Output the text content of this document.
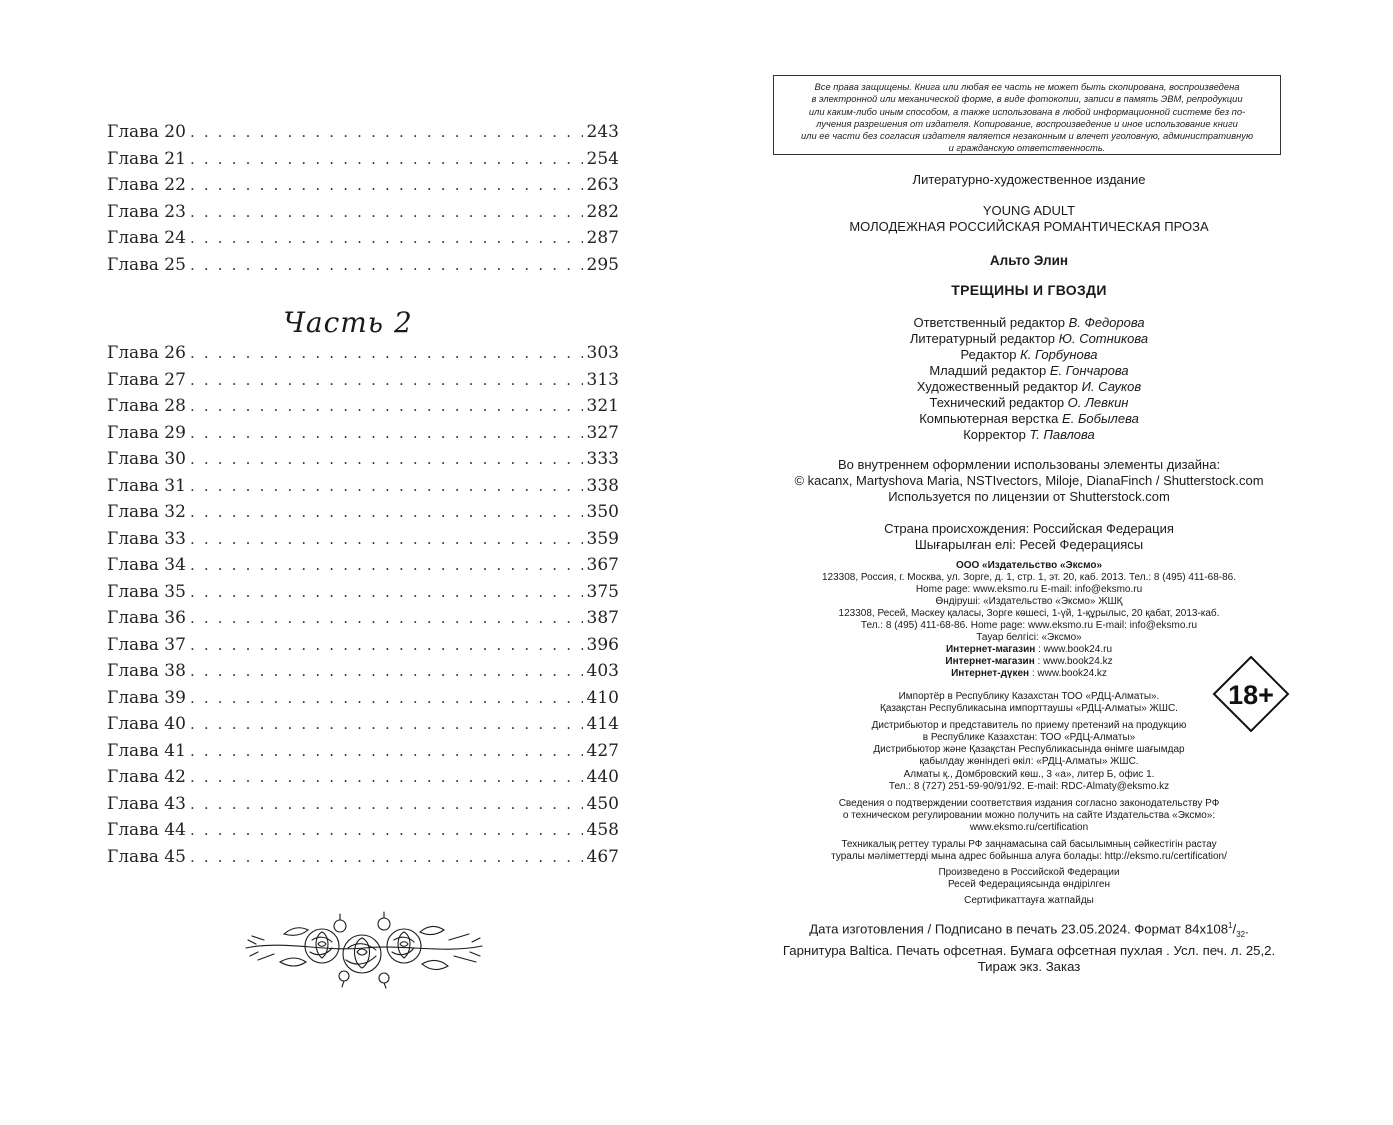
Глава 20 . . .	243
Глава 21 . . .	254
Глава 22 . . .	263
Глава 23 . . .	282
Глава 24 . . .	287
Глава 25 . . .	295
Часть 2
Глава 26 . . .	303
Глава 27 . . .	313
Глава 28 . . .	321
Глава 29 . . .	327
Глава 30 . . .	333
Глава 31 . . .	338
Глава 32 . . .	350
Глава 33 . . .	359
Глава 34 . . .	367
Глава 35 . . .	375
Глава 36 . . .	387
Глава 37 . . .	396
Глава 38 . . .	403
Глава 39 . . .	410
Глава 40 . . .	414
Глава 41 . . .	427
Глава 42 . . .	440
Глава 43 . . .	450
Глава 44 . . .	458
Глава 45 . . .	467
Все права защищены. Книга или любая ее часть не может быть скопирована, воспроизведена
в электронной или механической форме, в виде фотокопии, записи в память ЭВМ, репродукции
или каким-либо иным способом, а также использована в любой информационной системе без по-
лучения разрешения от издателя. Копирование, воспроизведение и иное использование книги
или ее части без согласия издателя является незаконным и влечет уголовную, административную
и гражданскую ответственность.
Литературно-художественное издание
YOUNG ADULT
МОЛОДЕЖНАЯ РОССИЙСКАЯ РОМАНТИЧЕСКАЯ ПРОЗА
Альто Элин
ТРЕЩИНЫ И ГВОЗДИ
Ответственный редактор В. Федорова
Литературный редактор Ю. Сотникова
Редактор К. Горбунова
Младший редактор Е. Гончарова
Художественный редактор И. Сауков
Технический редактор О. Левкин
Компьютерная верстка Е. Бобылева
Корректор Т. Павлова
Во внутреннем оформлении использованы элементы дизайна:
© kacanx, Martyshova Maria, NSTIvectors, Miloje, DianaFinch / Shutterstock.com
Используется по лицензии от Shutterstock.com
Страна происхождения: Российская Федерация
Шығарылған елі: Ресей Федерациясы
ООО «Издательство «Эксмо»
123308, Россия, г. Москва, ул. Зорге, д. 1, стр. 1, эт. 20, каб. 2013. Тел.: 8 (495) 411-68-86.
Home page: www.eksmo.ru E-mail: info@eksmo.ru
Өндіруші: «Издательство «Эксмо» ЖШҚ
123308, Ресей, Мәскеу қаласы, Зорге көшесі, 1-үй, 1-құрылыс, 20 қабат, 2013-каб.
Тел.: 8 (495) 411-68-86. Home page: www.eksmo.ru E-mail: info@eksmo.ru
Тауар белгісі: «Эксмо»
Интернет-магазин : www.book24.ru
Интернет-магазин : www.book24.kz
Интернет-дүкен : www.book24.kz
Импортёр в Республику Казахстан ТОО «РДЦ-Алматы».
Қазақстан Республикасына импорттаушы «РДЦ-Алматы» ЖШС.
Дистрибьютор и представитель по приему претензий на продукцию
в Республике Казахстан: ТОО «РДЦ-Алматы»
Дистрибьютор және Қазақстан Республикасында өнімге шағымдар
қабылдау жөніндегі өкіл: «РДЦ-Алматы» ЖШС.
Алматы қ., Домбровский көш., 3 «а», литер Б, офис 1.
Тел.: 8 (727) 251-59-90/91/92. E-mail: RDC-Almaty@eksmo.kz
Сведения о подтверждении соответствия издания согласно законодательству РФ
о техническом регулировании можно получить на сайте Издательства «Эксмо»:
www.eksmo.ru/certification
Техникалық реттеу туралы РФ заңнамасына сай басылымның сәйкестігін растау
туралы мәліметтерді мына адрес бойынша алуға болады: http://eksmo.ru/certification/
Произведено в Российской Федерации
Ресей Федерациясында өндірілген
Сертификаттауға жатпайды
Дата изготовления / Подписано в печать 23.05.2024. Формат $84х108^1/_{32}$.
Гарнитура Baltica. Печать офсетная. Бумага офсетная пухлая . Усл. печ. л. 25,2.
Тираж экз. Заказ
18+
